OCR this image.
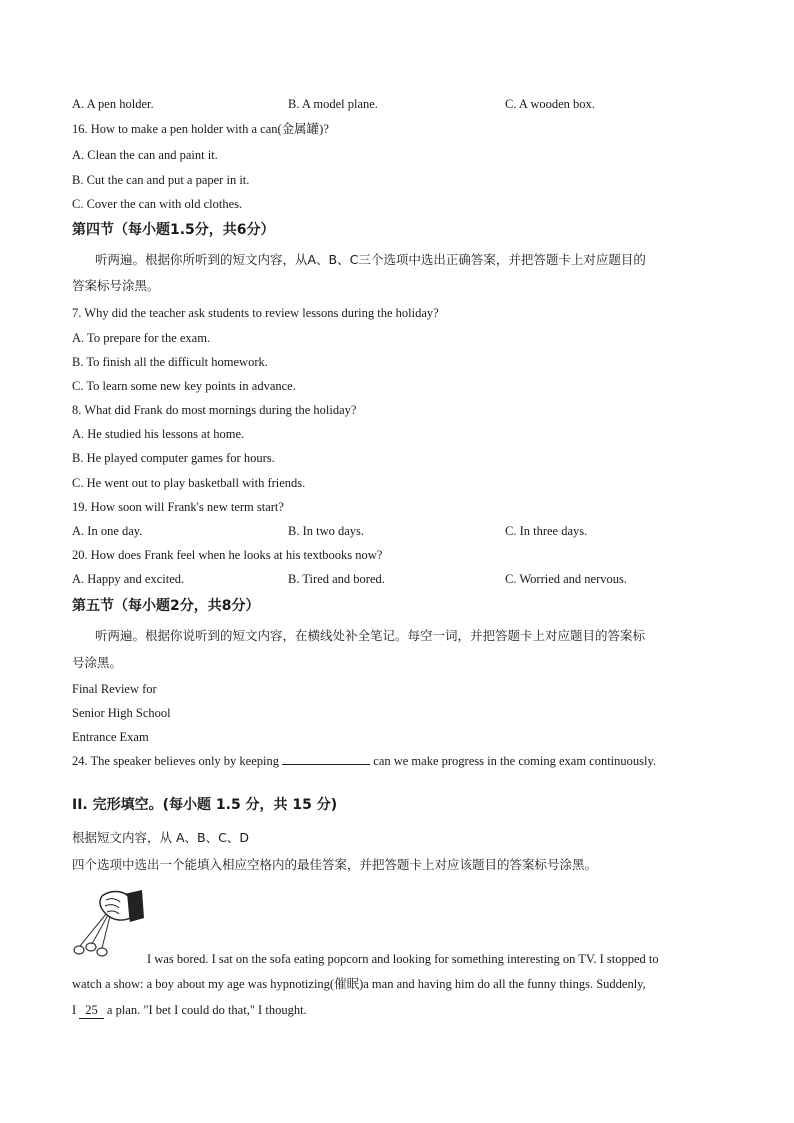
A. A pen holder.	B. A model plane.	C. A wooden box.
16. How to make a pen holder with a can(金属罐)?
A. Clean the can and paint it.
B. Cut the can and put a paper in it.
C. Cover the can with old clothes.
第四节（每小题1.5分，共6分）
听两遍。根据你所听到的短文内容，从A、B、C三个选项中选出正确答案，并把答题卡上对应题目的
答案标号涂黑。
7. Why did the teacher ask students to review lessons during the holiday?
A. To prepare for the exam.
B. To finish all the difficult homework.
C. To learn some new key points in advance.
8. What did Frank do most mornings during the holiday?
A. He studied his lessons at home.
B. He played computer games for hours.
C. He went out to play basketball with friends.
19. How soon will Frank's new term start?
A. In one day.	B. In two days.	C. In three days.
20. How does Frank feel when he looks at his textbooks now?
A. Happy and excited.	B. Tired and bored.	C. Worried and nervous.
第五节（每小题2分，共8分）
听两遍。根据你说听到的短文内容，在横线处补全笔记。每空一词，并把答题卡上对应题目的答案标
号涂黑。
Final Review for
Senior High School
Entrance Exam
24. The speaker believes only by keeping	can we make progress in the coming exam continuously.
II. 完形填空。(每小题 1.5 分，共 15 分)
根据短文内容，从 A、B、C、D
四个选项中选出一个能填入相应空格内的最佳答案，并把答题卡上对应该题目的答案标号涂黑。
I was bored. I sat on the sofa eating popcorn and looking for something interesting on TV. I stopped to
watch a show: a boy about my age was hypnotizing(催眠)a man and having him do all the funny things. Suddenly,
I 25 a plan. "I bet I could do that," I thought.
